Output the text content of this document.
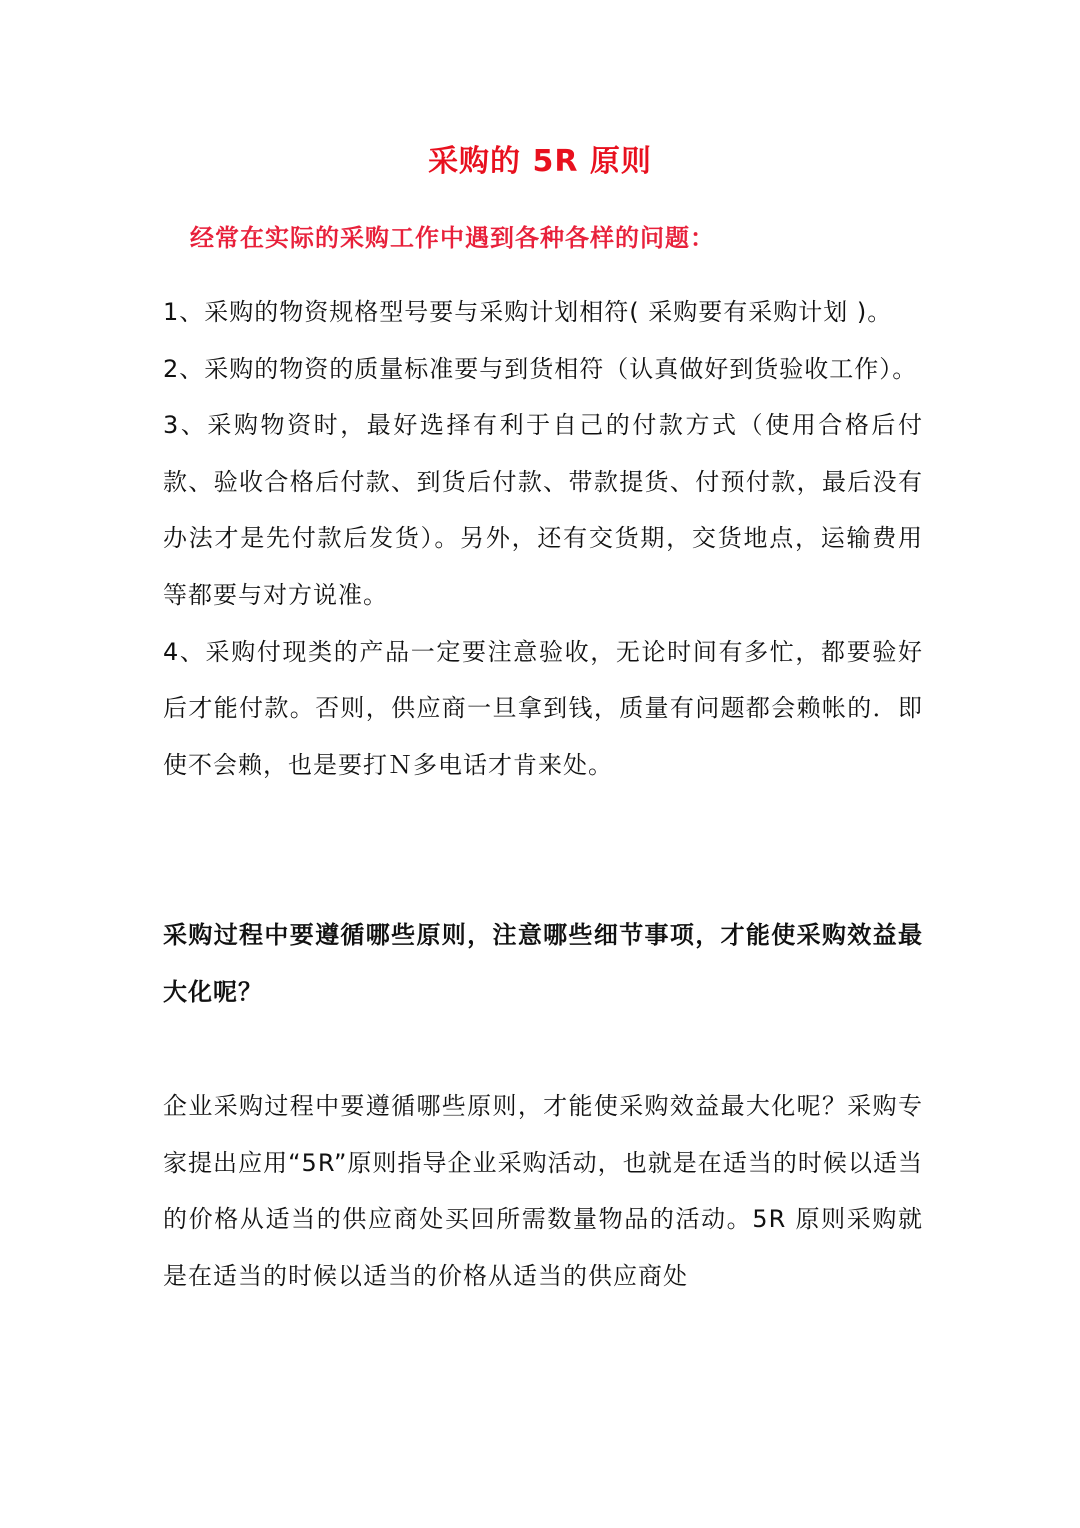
采购的 5R 原则
经常在实际的采购工作中遇到各种各样的问题：

1、采购的物资规格型号要与采购计划相符( 采购要有采购计划 )。

2、采购的物资的质量标准要与到货相符（认真做好到货验收工作）。

3、采购物资时，最好选择有利于自己的付款方式（使用合格后付款、验收合格后付款、到货后付款、带款提货、付预付款，最后没有办法才是先付款后发货）。另外，还有交货期，交货地点，运输费用等都要与对方说准。

4、采购付现类的产品一定要注意验收，无论时间有多忙，都要验好后才能付款。否则，供应商一旦拿到钱，质量有问题都会赖帐的．即使不会赖，也是要打Ｎ多电话才肯来处。

采购过程中要遵循哪些原则，注意哪些细节事项，才能使采购效益最大化呢？

企业采购过程中要遵循哪些原则，才能使采购效益最大化呢？采购专家提出应用“5R”原则指导企业采购活动，也就是在适当的时候以适当的价格从适当的供应商处买回所需数量物品的活动。5R 原则采购就是在适当的时候以适当的价格从适当的供应商处
